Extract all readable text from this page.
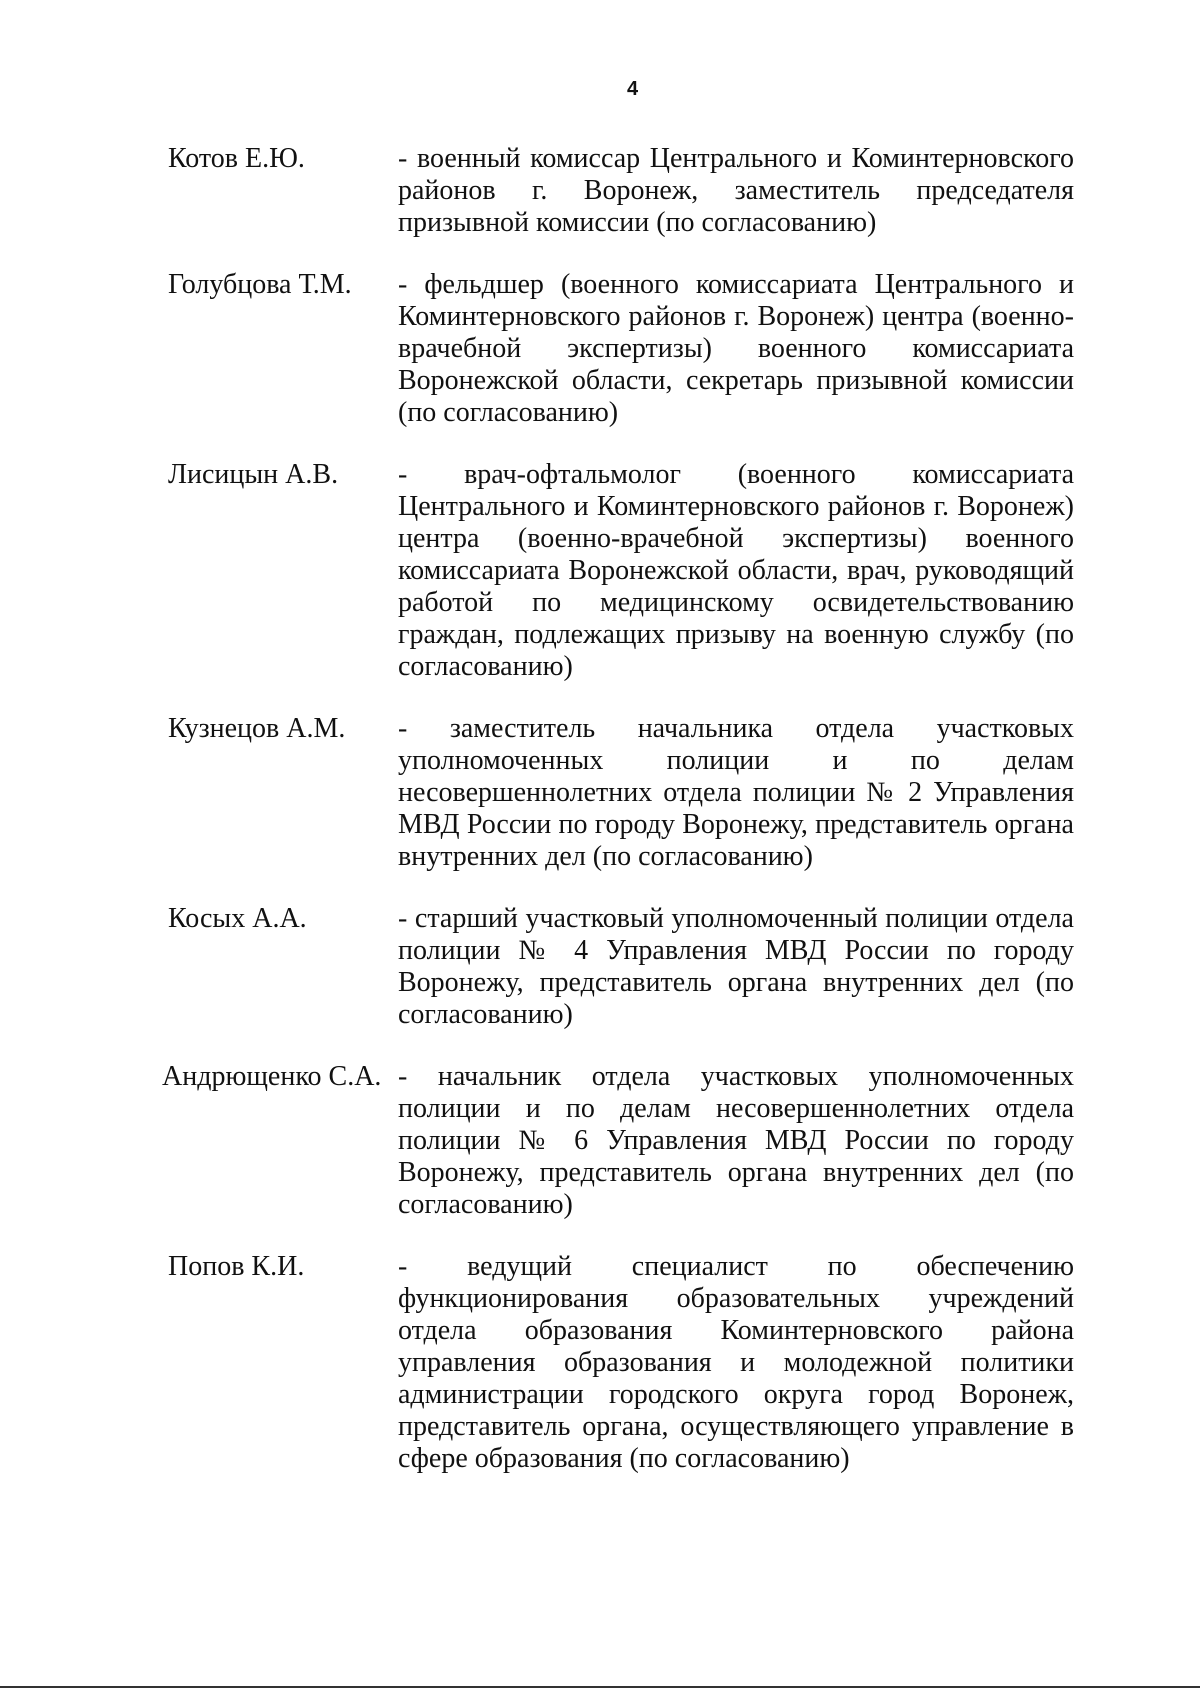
4
Котов Е.Ю.	- военный комиссар Центрального и Коминтерновского районов г. Воронеж, заместитель председателя призывной комиссии (по согласованию)
Голубцова Т.М.	- фельдшер (военного комиссариата Центрального и Коминтерновского районов г. Воронеж) центра (военно-врачебной экспертизы) военного комиссариата Воронежской области, секретарь призывной комиссии (по согласованию)
Лисицын А.В.	- врач-офтальмолог (военного комиссариата Центрального и Коминтерновского районов г. Воронеж) центра (военно-врачебной экспертизы) военного комиссариата Воронежской области, врач, руководящий работой по медицинскому освидетельствованию граждан, подлежащих призыву на военную службу (по согласованию)
Кузнецов А.М.	- заместитель начальника отдела участковых уполномоченных полиции и по делам несовершеннолетних отдела полиции № 2 Управления МВД России по городу Воронежу, представитель органа внутренних дел (по согласованию)
Косых А.А.	- старший участковый уполномоченный полиции отдела полиции № 4 Управления МВД России по городу Воронежу, представитель органа внутренних дел (по согласованию)
Андрющенко С.А. - начальник отдела участковых уполномоченных полиции и по делам несовершеннолетних отдела полиции № 6 Управления МВД России по городу Воронежу, представитель органа внутренних дел (по согласованию)
Попов К.И.	- ведущий специалист по обеспечению функционирования образовательных учреждений отдела образования Коминтерновского района управления образования и молодежной политики администрации городского округа город Воронеж, представитель органа, осуществляющего управление в сфере образования (по согласованию)
